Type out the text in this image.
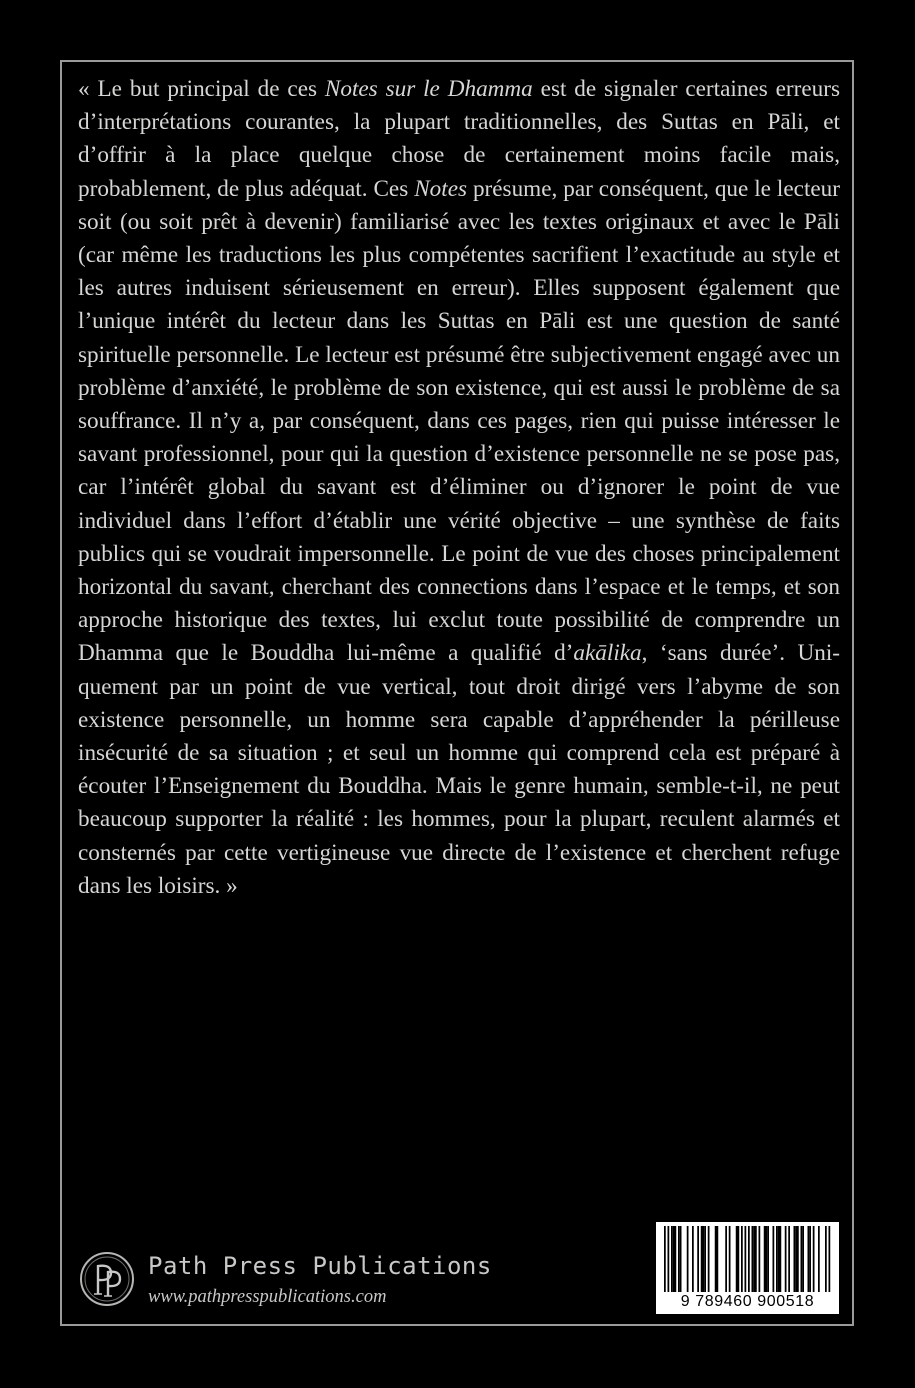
« Le but principal de ces Notes sur le Dhamma est de signaler certaines erreurs d’interprétations courantes, la plupart traditionnelles, des Suttas en Pāli, et d’offrir à la place quelque chose de certainement moins facile mais, probablement, de plus adéquat. Ces Notes présume, par conséquent, que le lecteur soit (ou soit prêt à devenir) familiarisé avec les textes originaux et avec le Pāli (car même les traductions les plus compétentes sacrifient l’exactitude au style et les autres induisent sérieusement en erreur). Elles supposent également que l’unique intérêt du lecteur dans les Suttas en Pāli est une question de santé spirituelle personnelle. Le lecteur est présumé être subjectivement engagé avec un problème d’anxiété, le problème de son existence, qui est aussi le problème de sa souffrance. Il n’y a, par conséquent, dans ces pages, rien qui puisse intéresser le savant professionnel, pour qui la question d’existence personnelle ne se pose pas, car l’intérêt global du savant est d’éliminer ou d’ignorer le point de vue individuel dans l’effort d’établir une vérité objective – une synthèse de faits publics qui se voudrait impersonnelle. Le point de vue des choses principalement horizontal du savant, cherchant des connections dans l’espace et le temps, et son approche historique des textes, lui exclut toute possibilité de comprendre un Dhamma que le Bouddha lui-même a qualifié d’akālika, ‘sans durée’. Uniquement par un point de vue vertical, tout droit dirigé vers l’abyme de son existence personnelle, un homme sera capable d’appréhender la périlleuse insécurité de sa situation ; et seul un homme qui comprend cela est préparé à écouter l’Enseignement du Bouddha. Mais le genre humain, semble-t-il, ne peut beaucoup supporter la réalité : les hommes, pour la plupart, reculent alarmés et consternés par cette vertigineuse vue directe de l’existence et cherchent refuge dans les loisirs. »

Path Press Publications
www.pathpresspublications.com	9 789460 900518
